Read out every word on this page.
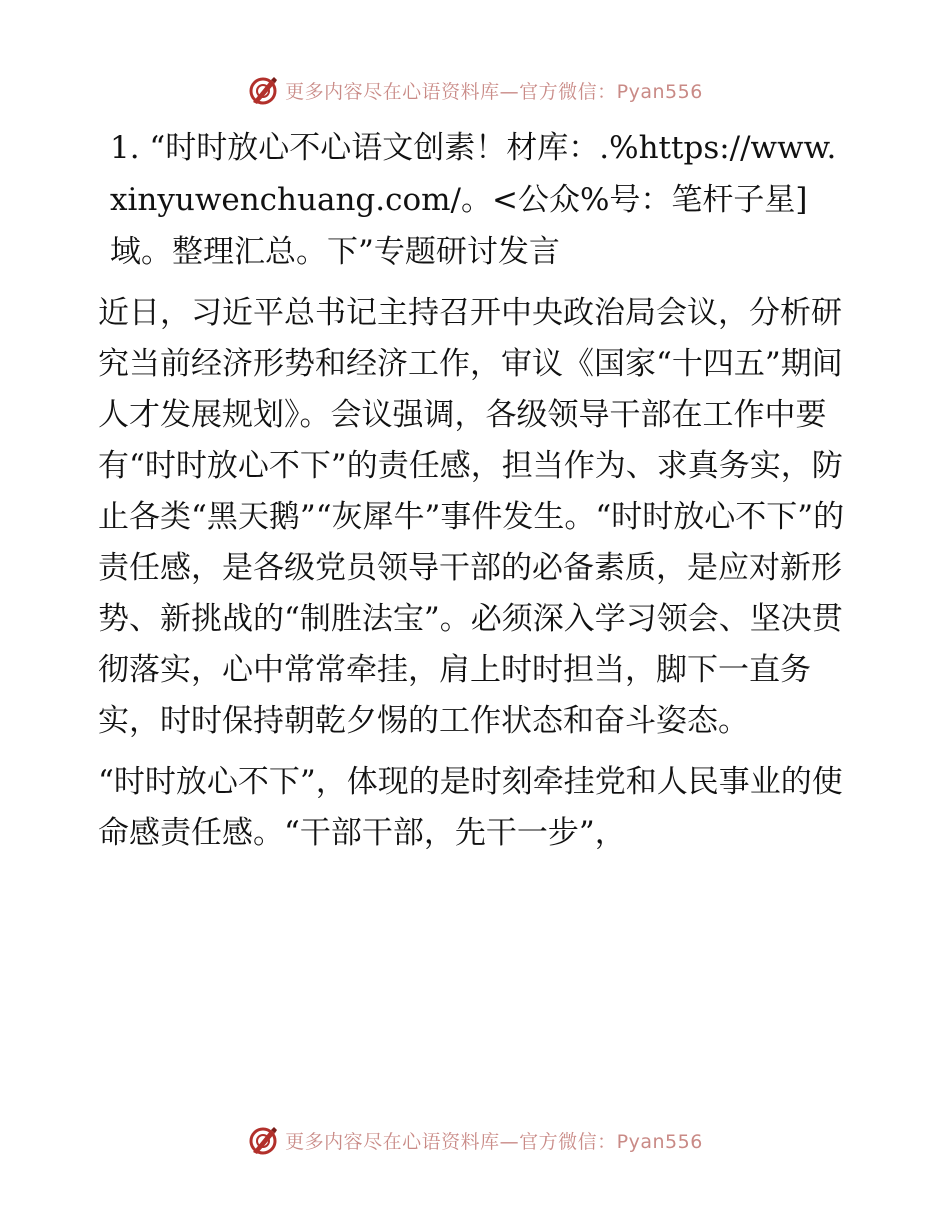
更多内容尽在心语资料库—官方微信：Pyan556
1. “时时放心不心语文创素！材库：.%https://www.xinyuwenchuang.com/。<公众%号：笔杆子星]域。整理汇总。下”专题研讨发言

近日，习近平总书记主持召开中央政治局会议，分析研究当前经济形势和经济工作，审议《国家“十四五”期间人才发展规划》。会议强调，各级领导干部在工作中要有“时时放心不下”的责任感，担当作为、求真务实，防止各类“黑天鹅”“灰犀牛”事件发生。“时时放心不下”的责任感，是各级党员领导干部的必备素质，是应对新形势、新挑战的“制胜法宝”。必须深入学习领会、坚决贯彻落实，心中常常牵挂，肩上时时担当，脚下一直务实，时时保持朝乾夕惕的工作状态和奋斗姿态。

“时时放心不下”，体现的是时刻牵挂党和人民事业的使命感责任感。“干部干部，先干一步”，

更多内容尽在心语资料库—官方微信：Pyan556
